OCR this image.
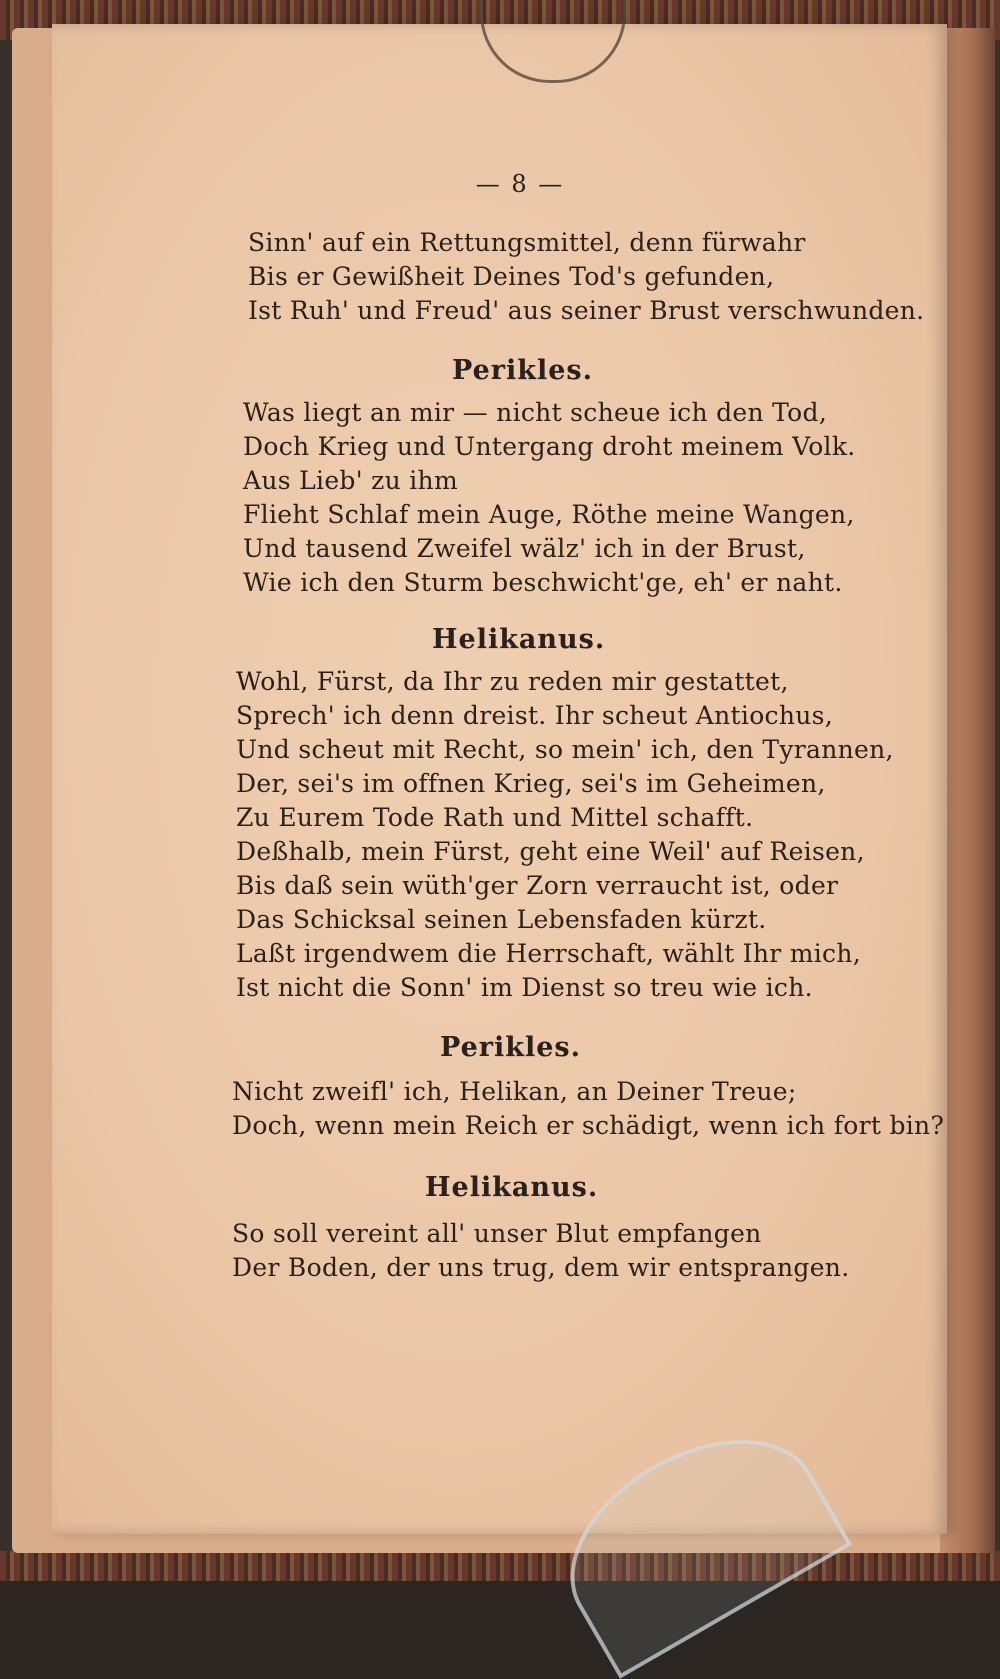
— 8 —
Sinn' auf ein Rettungsmittel, denn fürwahr
Bis er Gewißheit Deines Tod's gefunden,
Ist Ruh' und Freud' aus seiner Brust verschwunden.
Perikles.
Was liegt an mir — nicht scheue ich den Tod,
Doch Krieg und Untergang droht meinem Volk.
Aus Lieb' zu ihm
Flieht Schlaf mein Auge, Röthe meine Wangen,
Und tausend Zweifel wälz' ich in der Brust,
Wie ich den Sturm beschwicht'ge, eh' er naht.
Helikanus.
Wohl, Fürst, da Ihr zu reden mir gestattet,
Sprech' ich denn dreist. Ihr scheut Antiochus,
Und scheut mit Recht, so mein' ich, den Tyrannen,
Der, sei's im offnen Krieg, sei's im Geheimen,
Zu Eurem Tode Rath und Mittel schafft.
Deßhalb, mein Fürst, geht eine Weil' auf Reisen,
Bis daß sein wüth'ger Zorn verraucht ist, oder
Das Schicksal seinen Lebensfaden kürzt.
Laßt irgendwem die Herrschaft, wählt Ihr mich,
Ist nicht die Sonn' im Dienst so treu wie ich.
Perikles.
Nicht zweifl' ich, Helikan, an Deiner Treue;
Doch, wenn mein Reich er schädigt, wenn ich fort bin?
Helikanus.
So soll vereint all' unser Blut empfangen
Der Boden, der uns trug, dem wir entsprangen.
